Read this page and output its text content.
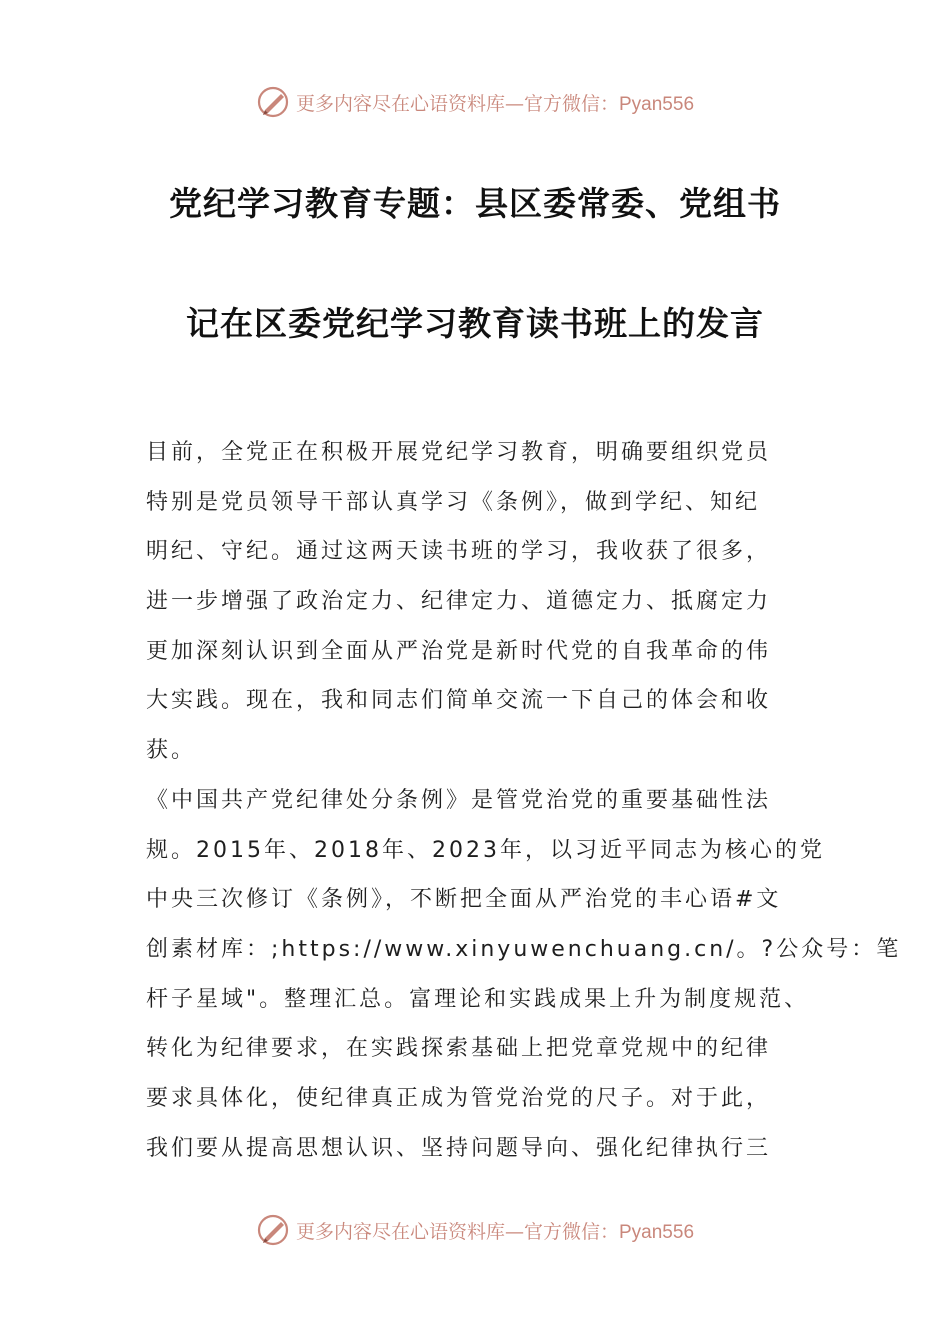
更多内容尽在心语资料库—官方微信：Pyan556
党纪学习教育专题：县区委常委、党组书
记在区委党纪学习教育读书班上的发言
目前，全党正在积极开展党纪学习教育，明确要组织党员
特别是党员领导干部认真学习《条例》，做到学纪、知纪
明纪、守纪。通过这两天读书班的学习，我收获了很多，
进一步增强了政治定力、纪律定力、道德定力、抵腐定力
更加深刻认识到全面从严治党是新时代党的自我革命的伟
大实践。现在，我和同志们简单交流一下自己的体会和收
获。
《中国共产党纪律处分条例》是管党治党的重要基础性法
规。2015年、2018年、2023年，以习近平同志为核心的党
中央三次修订《条例》，不断把全面从严治党的丰心语#文
创素材库：;https://www.xinyuwenchuang.cn/。?公众号：笔
杆子星域"。整理汇总。富理论和实践成果上升为制度规范、
转化为纪律要求，在实践探索基础上把党章党规中的纪律
要求具体化，使纪律真正成为管党治党的尺子。对于此，
我们要从提高思想认识、坚持问题导向、强化纪律执行三
更多内容尽在心语资料库—官方微信：Pyan556
